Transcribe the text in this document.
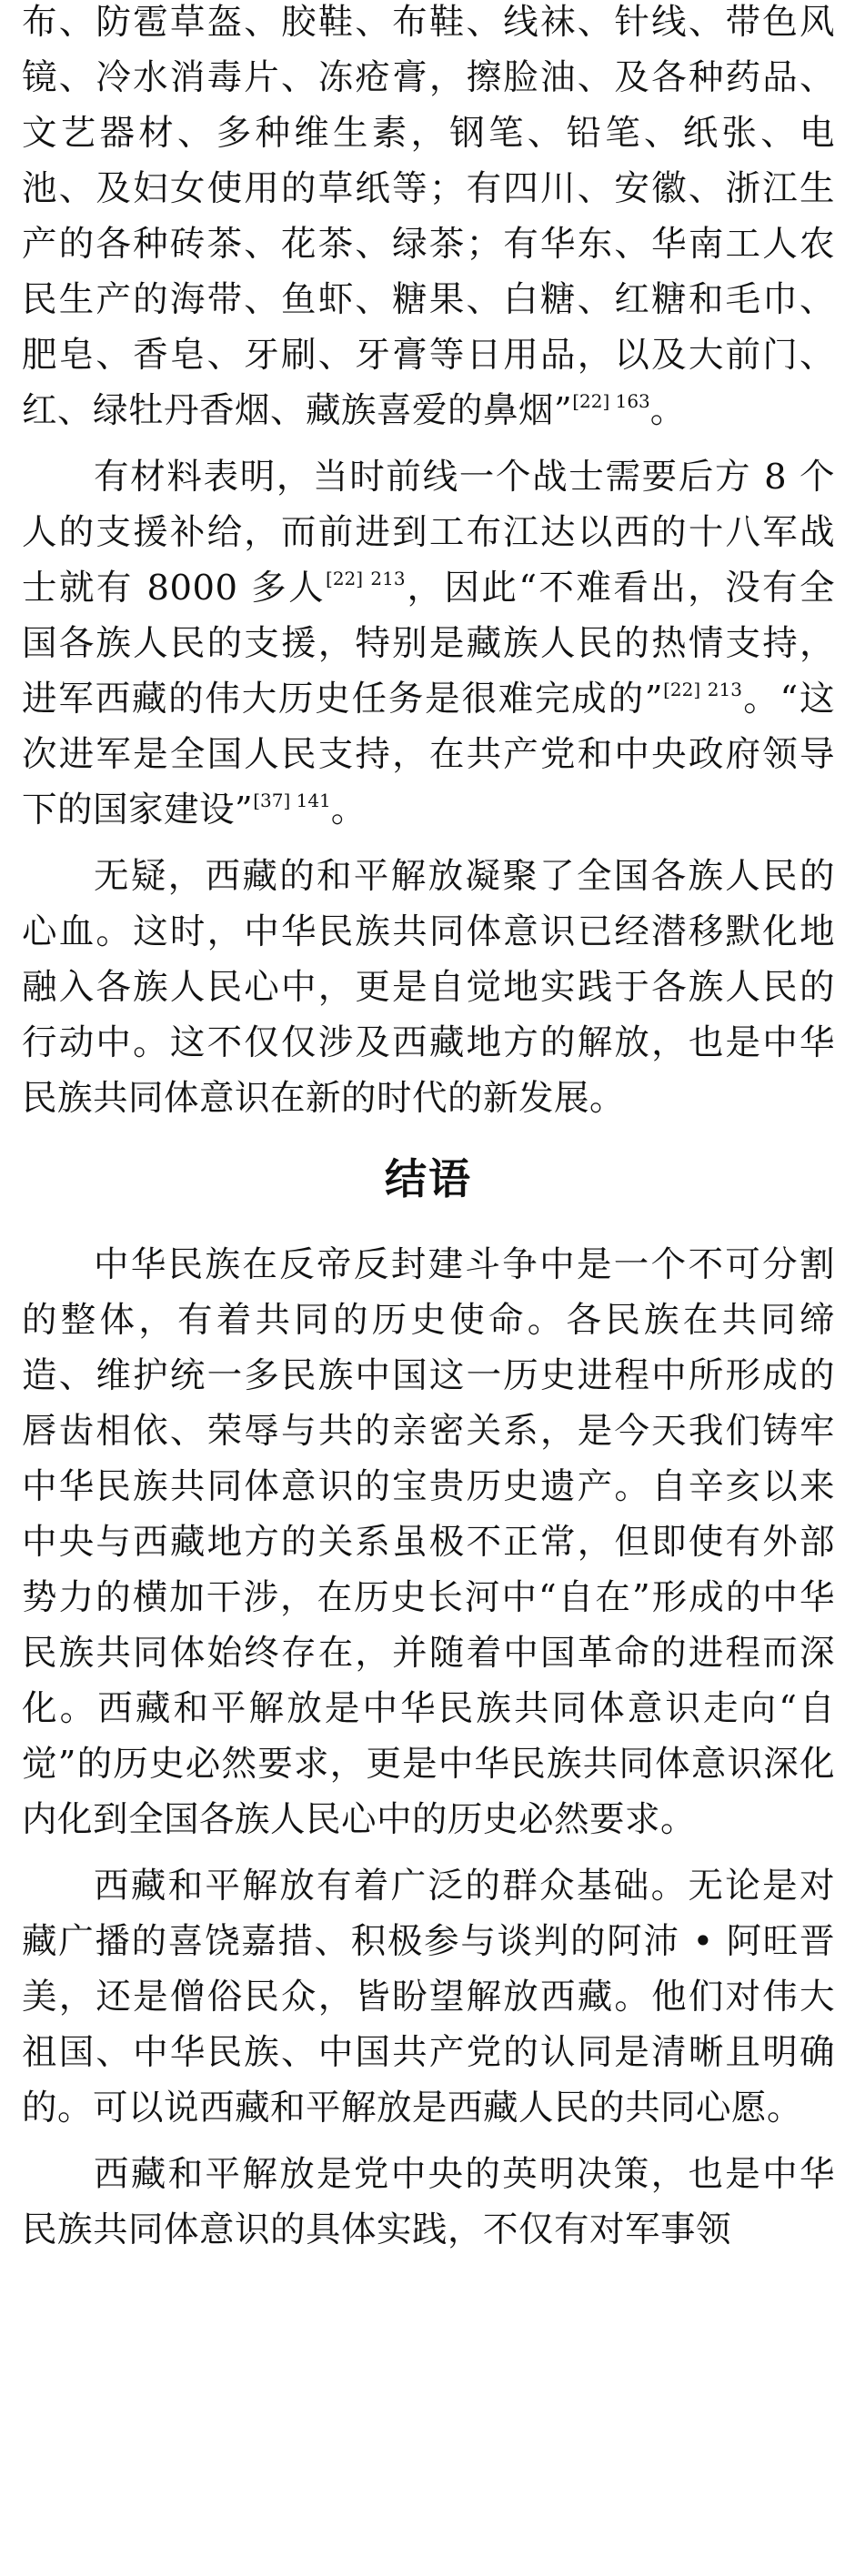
布、防雹草盔、胶鞋、布鞋、线袜、针线、带色风镜、冷水消毒片、冻疮膏，擦脸油、及各种药品、文艺器材、多种维生素，钢笔、铅笔、纸张、电池、及妇女使用的草纸等；有四川、安徽、浙江生产的各种砖茶、花茶、绿茶；有华东、华南工人农民生产的海带、鱼虾、糖果、白糖、红糖和毛巾、肥皂、香皂、牙刷、牙膏等日用品，以及大前门、红、绿牡丹香烟、藏族喜爱的鼻烟”$^{[22] 163}$。

有材料表明，当时前线一个战士需要后方 8 个人的支援补给，而前进到工布江达以西的十八军战士就有 8000 多人$^{[22] 213}$，因此“不难看出，没有全国各族人民的支援，特别是藏族人民的热情支持，进军西藏的伟大历史任务是很难完成的”$^{[22] 213}$。“这次进军是全国人民支持，在共产党和中央政府领导下的国家建设”$^{[37] 141}$。

无疑，西藏的和平解放凝聚了全国各族人民的心血。这时，中华民族共同体意识已经潜移默化地融入各族人民心中，更是自觉地实践于各族人民的行动中。这不仅仅涉及西藏地方的解放，也是中华民族共同体意识在新的时代的新发展。

结语

中华民族在反帝反封建斗争中是一个不可分割的整体，有着共同的历史使命。各民族在共同缔造、维护统一多民族中国这一历史进程中所形成的唇齿相依、荣辱与共的亲密关系，是今天我们铸牢中华民族共同体意识的宝贵历史遗产。自辛亥以来中央与西藏地方的关系虽极不正常，但即使有外部势力的横加干涉，在历史长河中“自在”形成的中华民族共同体始终存在，并随着中国革命的进程而深化。西藏和平解放是中华民族共同体意识走向“自觉”的历史必然要求，更是中华民族共同体意识深化内化到全国各族人民心中的历史必然要求。

西藏和平解放有着广泛的群众基础。无论是对藏广播的喜饶嘉措、积极参与谈判的阿沛 • 阿旺晋美，还是僧俗民众，皆盼望解放西藏。他们对伟大祖国、中华民族、中国共产党的认同是清晰且明确的。可以说西藏和平解放是西藏人民的共同心愿。

西藏和平解放是党中央的英明决策，也是中华民族共同体意识的具体实践，不仅有对军事领
